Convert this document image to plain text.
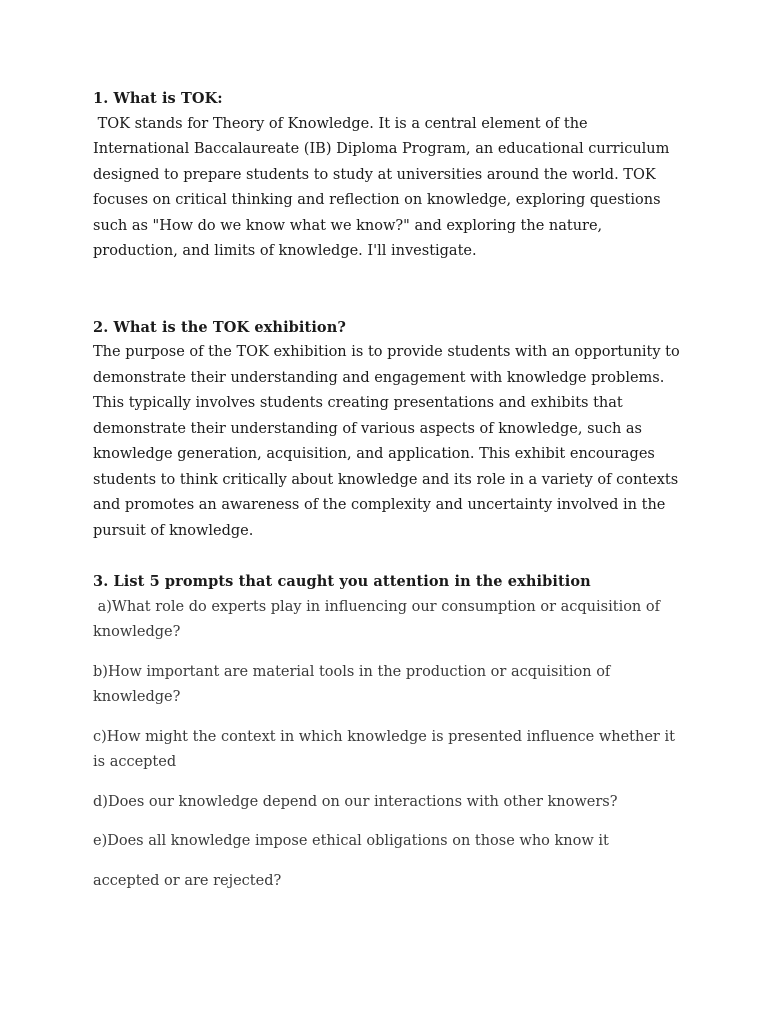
1. What is TOK:

TOK stands for Theory of Knowledge. It is a central element of the International Baccalaureate (IB) Diploma Program, an educational curriculum designed to prepare students to study at universities around the world. TOK focuses on critical thinking and reflection on knowledge, exploring questions such as "How do we know what we know?" and exploring the nature, production, and limits of knowledge. I'll investigate.

2. What is the TOK exhibition?

The purpose of the TOK exhibition is to provide students with an opportunity to demonstrate their understanding and engagement with knowledge problems. This typically involves students creating presentations and exhibits that demonstrate their understanding of various aspects of knowledge, such as knowledge generation, acquisition, and application. This exhibit encourages students to think critically about knowledge and its role in a variety of contexts and promotes an awareness of the complexity and uncertainty involved in the pursuit of knowledge.

3. List 5 prompts that caught you attention in the exhibition

a)What role do experts play in influencing our consumption or acquisition of knowledge?

b)How important are material tools in the production or acquisition of knowledge?

c)How might the context in which knowledge is presented influence whether it is accepted

d)Does our knowledge depend on our interactions with other knowers?

e)Does all knowledge impose ethical obligations on those who know it

accepted or are rejected?
